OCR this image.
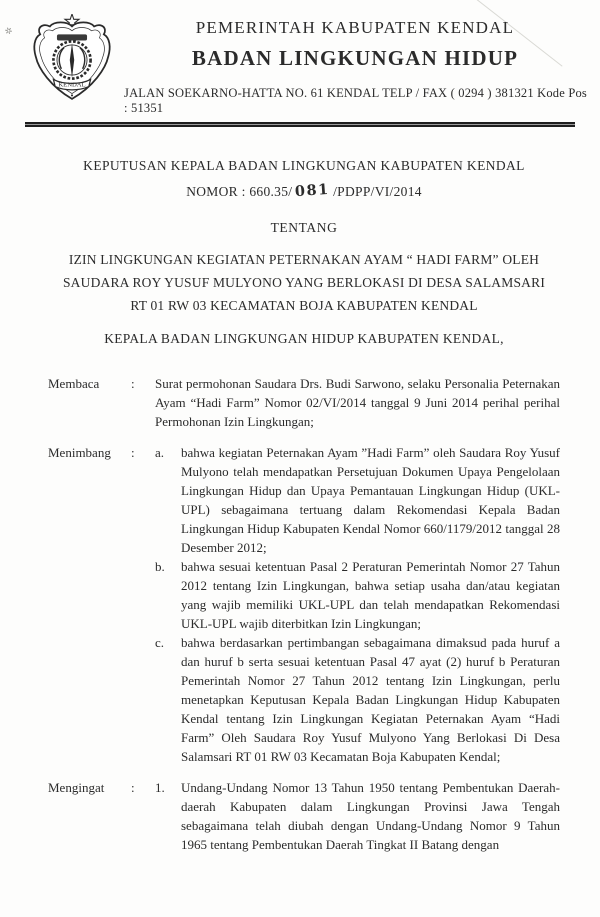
✲
KENDAL
PEMERINTAH KABUPATEN KENDAL
BADAN LINGKUNGAN HIDUP
JALAN SOEKARNO-HATTA NO. 61 KENDAL TELP / FAX ( 0294 ) 381321 Kode Pos : 51351
KEPUTUSAN KEPALA BADAN LINGKUNGAN KABUPATEN KENDAL
NOMOR : 660.35/ 081 /PDPP/VI/2014
TENTANG
IZIN LINGKUNGAN KEGIATAN PETERNAKAN AYAM “ HADI FARM” OLEH
SAUDARA ROY YUSUF MULYONO YANG BERLOKASI DI DESA SALAMSARI
RT 01 RW 03 KECAMATAN BOJA KABUPATEN KENDAL
KEPALA BADAN LINGKUNGAN HIDUP KABUPATEN KENDAL,
Membaca	:	Surat permohonan Saudara Drs. Budi Sarwono, selaku Personalia Peternakan Ayam “Hadi Farm” Nomor 02/VI/2014 tanggal 9 Juni 2014 perihal perihal Permohonan Izin Lingkungan;

Menimbang	:	a.	bahwa kegiatan Peternakan Ayam ”Hadi Farm” oleh Saudara Roy Yusuf Mulyono telah mendapatkan Persetujuan Dokumen Upaya Pengelolaan Lingkungan Hidup dan Upaya Pemantauan Lingkungan Hidup (UKL-UPL) sebagaimana tertuang dalam Rekomendasi Kepala Badan Lingkungan Hidup Kabupaten Kendal Nomor 660/1179/2012 tanggal 28 Desember 2012;
b.	bahwa sesuai ketentuan Pasal 2 Peraturan Pemerintah Nomor 27 Tahun 2012 tentang Izin Lingkungan, bahwa setiap usaha dan/atau kegiatan yang wajib memiliki UKL-UPL dan telah mendapatkan Rekomendasi UKL-UPL wajib diterbitkan Izin Lingkungan;
c.	bahwa berdasarkan pertimbangan sebagaimana dimaksud pada huruf a dan huruf b serta sesuai ketentuan Pasal 47 ayat (2) huruf b Peraturan Pemerintah Nomor 27 Tahun 2012 tentang Izin Lingkungan, perlu menetapkan Keputusan Kepala Badan Lingkungan Hidup Kabupaten Kendal tentang Izin Lingkungan Kegiatan Peternakan Ayam “Hadi Farm” Oleh Saudara Roy Yusuf Mulyono Yang Berlokasi Di Desa Salamsari RT 01 RW 03 Kecamatan Boja Kabupaten Kendal;
Mengingat	:	1.	Undang-Undang Nomor 13 Tahun 1950 tentang Pembentukan Daerah-daerah Kabupaten dalam Lingkungan Provinsi Jawa Tengah sebagaimana telah diubah dengan Undang-Undang Nomor 9 Tahun 1965 tentang Pembentukan Daerah Tingkat II Batang dengan
